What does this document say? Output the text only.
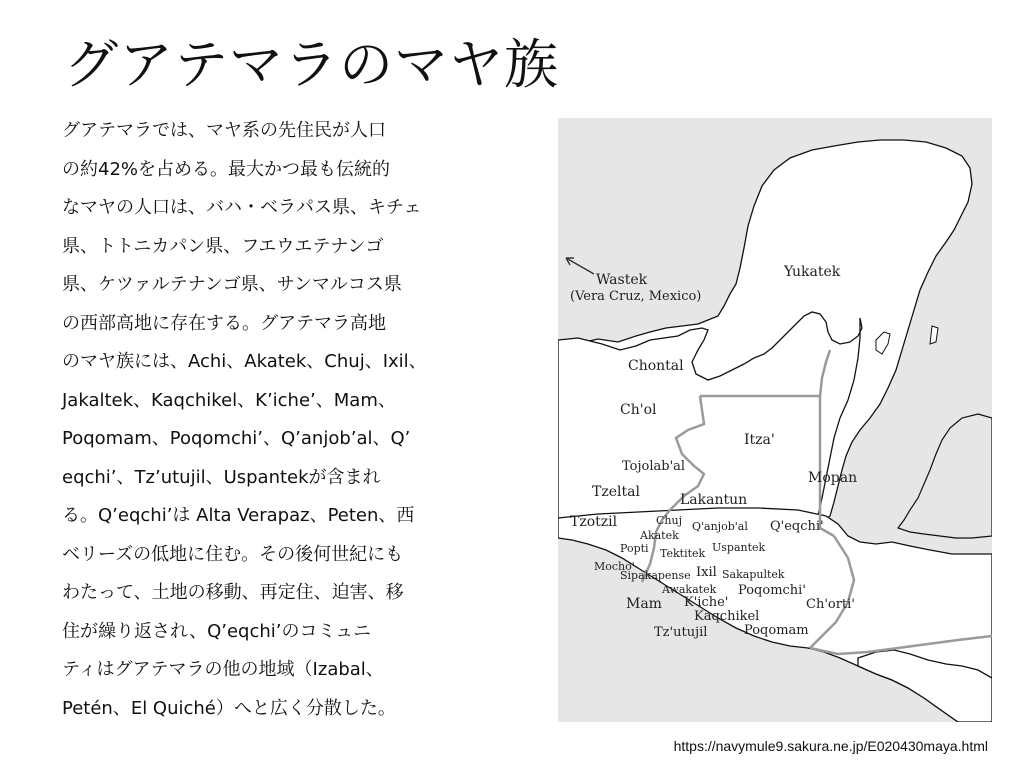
グアテマラのマヤ族
グアテマラでは、マヤ系の先住民が人口
の約42%を占める。最大かつ最も伝統的
なマヤの人口は、バハ・ベラパス県、キチェ
県、トトニカパン県、フエウエテナンゴ
県、ケツァルテナンゴ県、サンマルコス県
の西部高地に存在する。グアテマラ高地
のマヤ族には、Achi、Akatek、Chuj、Ixil、
Jakaltek、Kaqchikel、K’iche’、Mam、
Poqomam、Poqomchi’、Q’anjob’al、Q’
eqchi’、Tz’utujil、Uspantekが含まれ
る。Q’eqchi’は Alta Verapaz、Peten、西
ベリーズの低地に住む。その後何世紀にも
わたって、土地の移動、再定住、迫害、移
住が繰り返され、Q’eqchi’のコミュニ
ティはグアテマラの他の地域（Izabal、
Petén、El Quiché）へと広く分散した。
Wastek
(Vera Cruz, Mexico)
Yukatek
Chontal
Ch'ol
Itza'
Tojolab'al
Mopan
Tzeltal	Lakantun
Tzotzil	Chuj Q'anjob'al Q'eqchi'
Akatek
Popti Tektitek Uspantek
Mocho'
Sipakapense Ixil Sakapultek
Awakatek Poqomchi'
Mam K'iche'	Ch'orti'
Kaqchikel
Tz'utujil	Poqomam
https://navymule9.sakura.ne.jp/E020430maya.html
